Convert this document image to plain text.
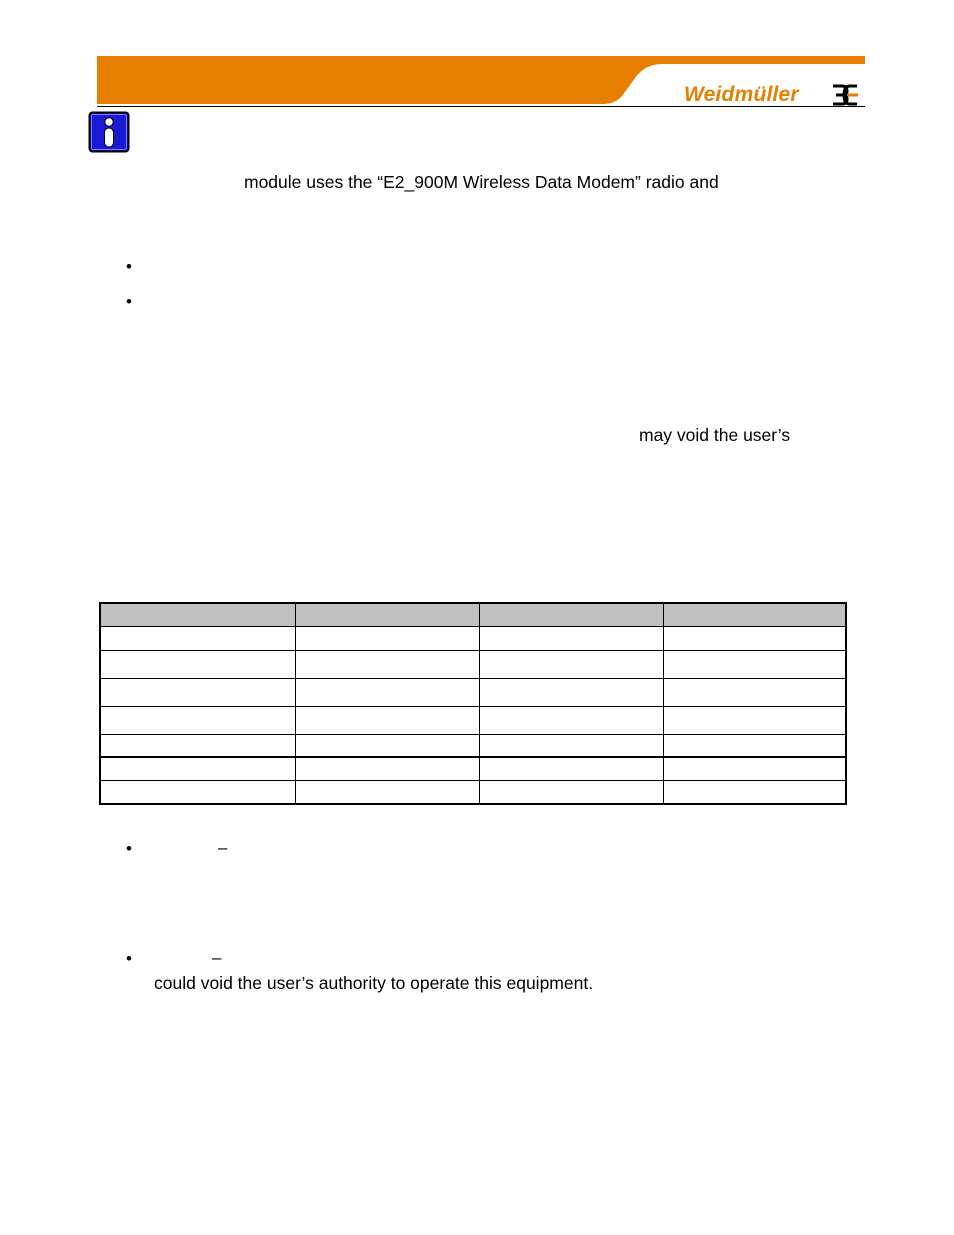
Weidmüller
module uses the “E2_900M Wireless Data Modem” radio and
•
•
may void the user’s

•	–
•	–
could void the user’s authority to operate this equipment.
